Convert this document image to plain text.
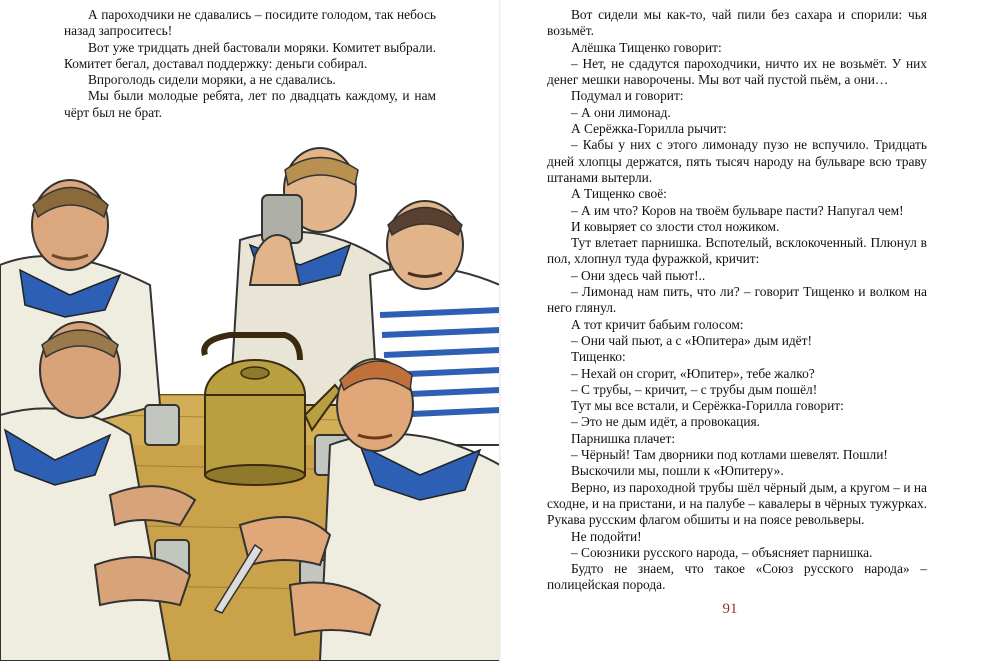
А пароходчики не сдавались – посидите голодом, так небось назад запроситесь!

Вот уже тридцать дней бастовали моряки. Комитет выбрали. Комитет бегал, доставал поддержку: деньги собирал.

Впроголодь сидели моряки, а не сдавались.

Мы были молодые ребята, лет по двадцать каждому, и нам чёрт был не брат.

Вот сидели мы как-то, чай пили без сахара и спорили: чья возьмёт.

Алёшка Тищенко говорит:

– Нет, не сдадутся пароходчики, ничто их не возьмёт. У них денег мешки наворочены. Мы вот чай пустой пьём, а они…

Подумал и говорит:

– А они лимонад.

А Серёжка-Горилла рычит:

– Кабы у них с этого лимонаду пузо не вспучило. Тридцать дней хлопцы держатся, пять тысяч народу на бульваре всю траву штанами вытерли.

А Тищенко своё:

– А им что? Коров на твоём бульваре пасти? Напугал чем!

И ковыряет со злости стол ножиком.

Тут влетает парнишка. Вспотелый, всклокоченный. Плюнул в пол, хлопнул туда фуражкой, кричит:

– Они здесь чай пьют!..

– Лимонад нам пить, что ли? – говорит Тищенко и волком на него глянул.

А тот кричит бабьим голосом:

– Они чай пьют, а с «Юпитера» дым идёт!

Тищенко:

– Нехай он сгорит, «Юпитер», тебе жалко?

– С трубы, – кричит, – с трубы дым пошёл!

Тут мы все встали, и Серёжка-Горилла говорит:

– Это не дым идёт, а провокация.

Парнишка плачет:

– Чёрный! Там дворники под котлами шевелят. Пошли!

Выскочили мы, пошли к «Юпитеру».

Верно, из пароходной трубы шёл чёрный дым, а кругом – и на сходне, и на пристани, и на палубе – кавалеры в чёрных тужурках. Рукава русским флагом обшиты и на поясе револьверы.

Не подойти!

– Союзники русского народа, – объясняет парнишка.

Будто не знаем, что такое «Союз русского народа» – полицейская порода.

91
